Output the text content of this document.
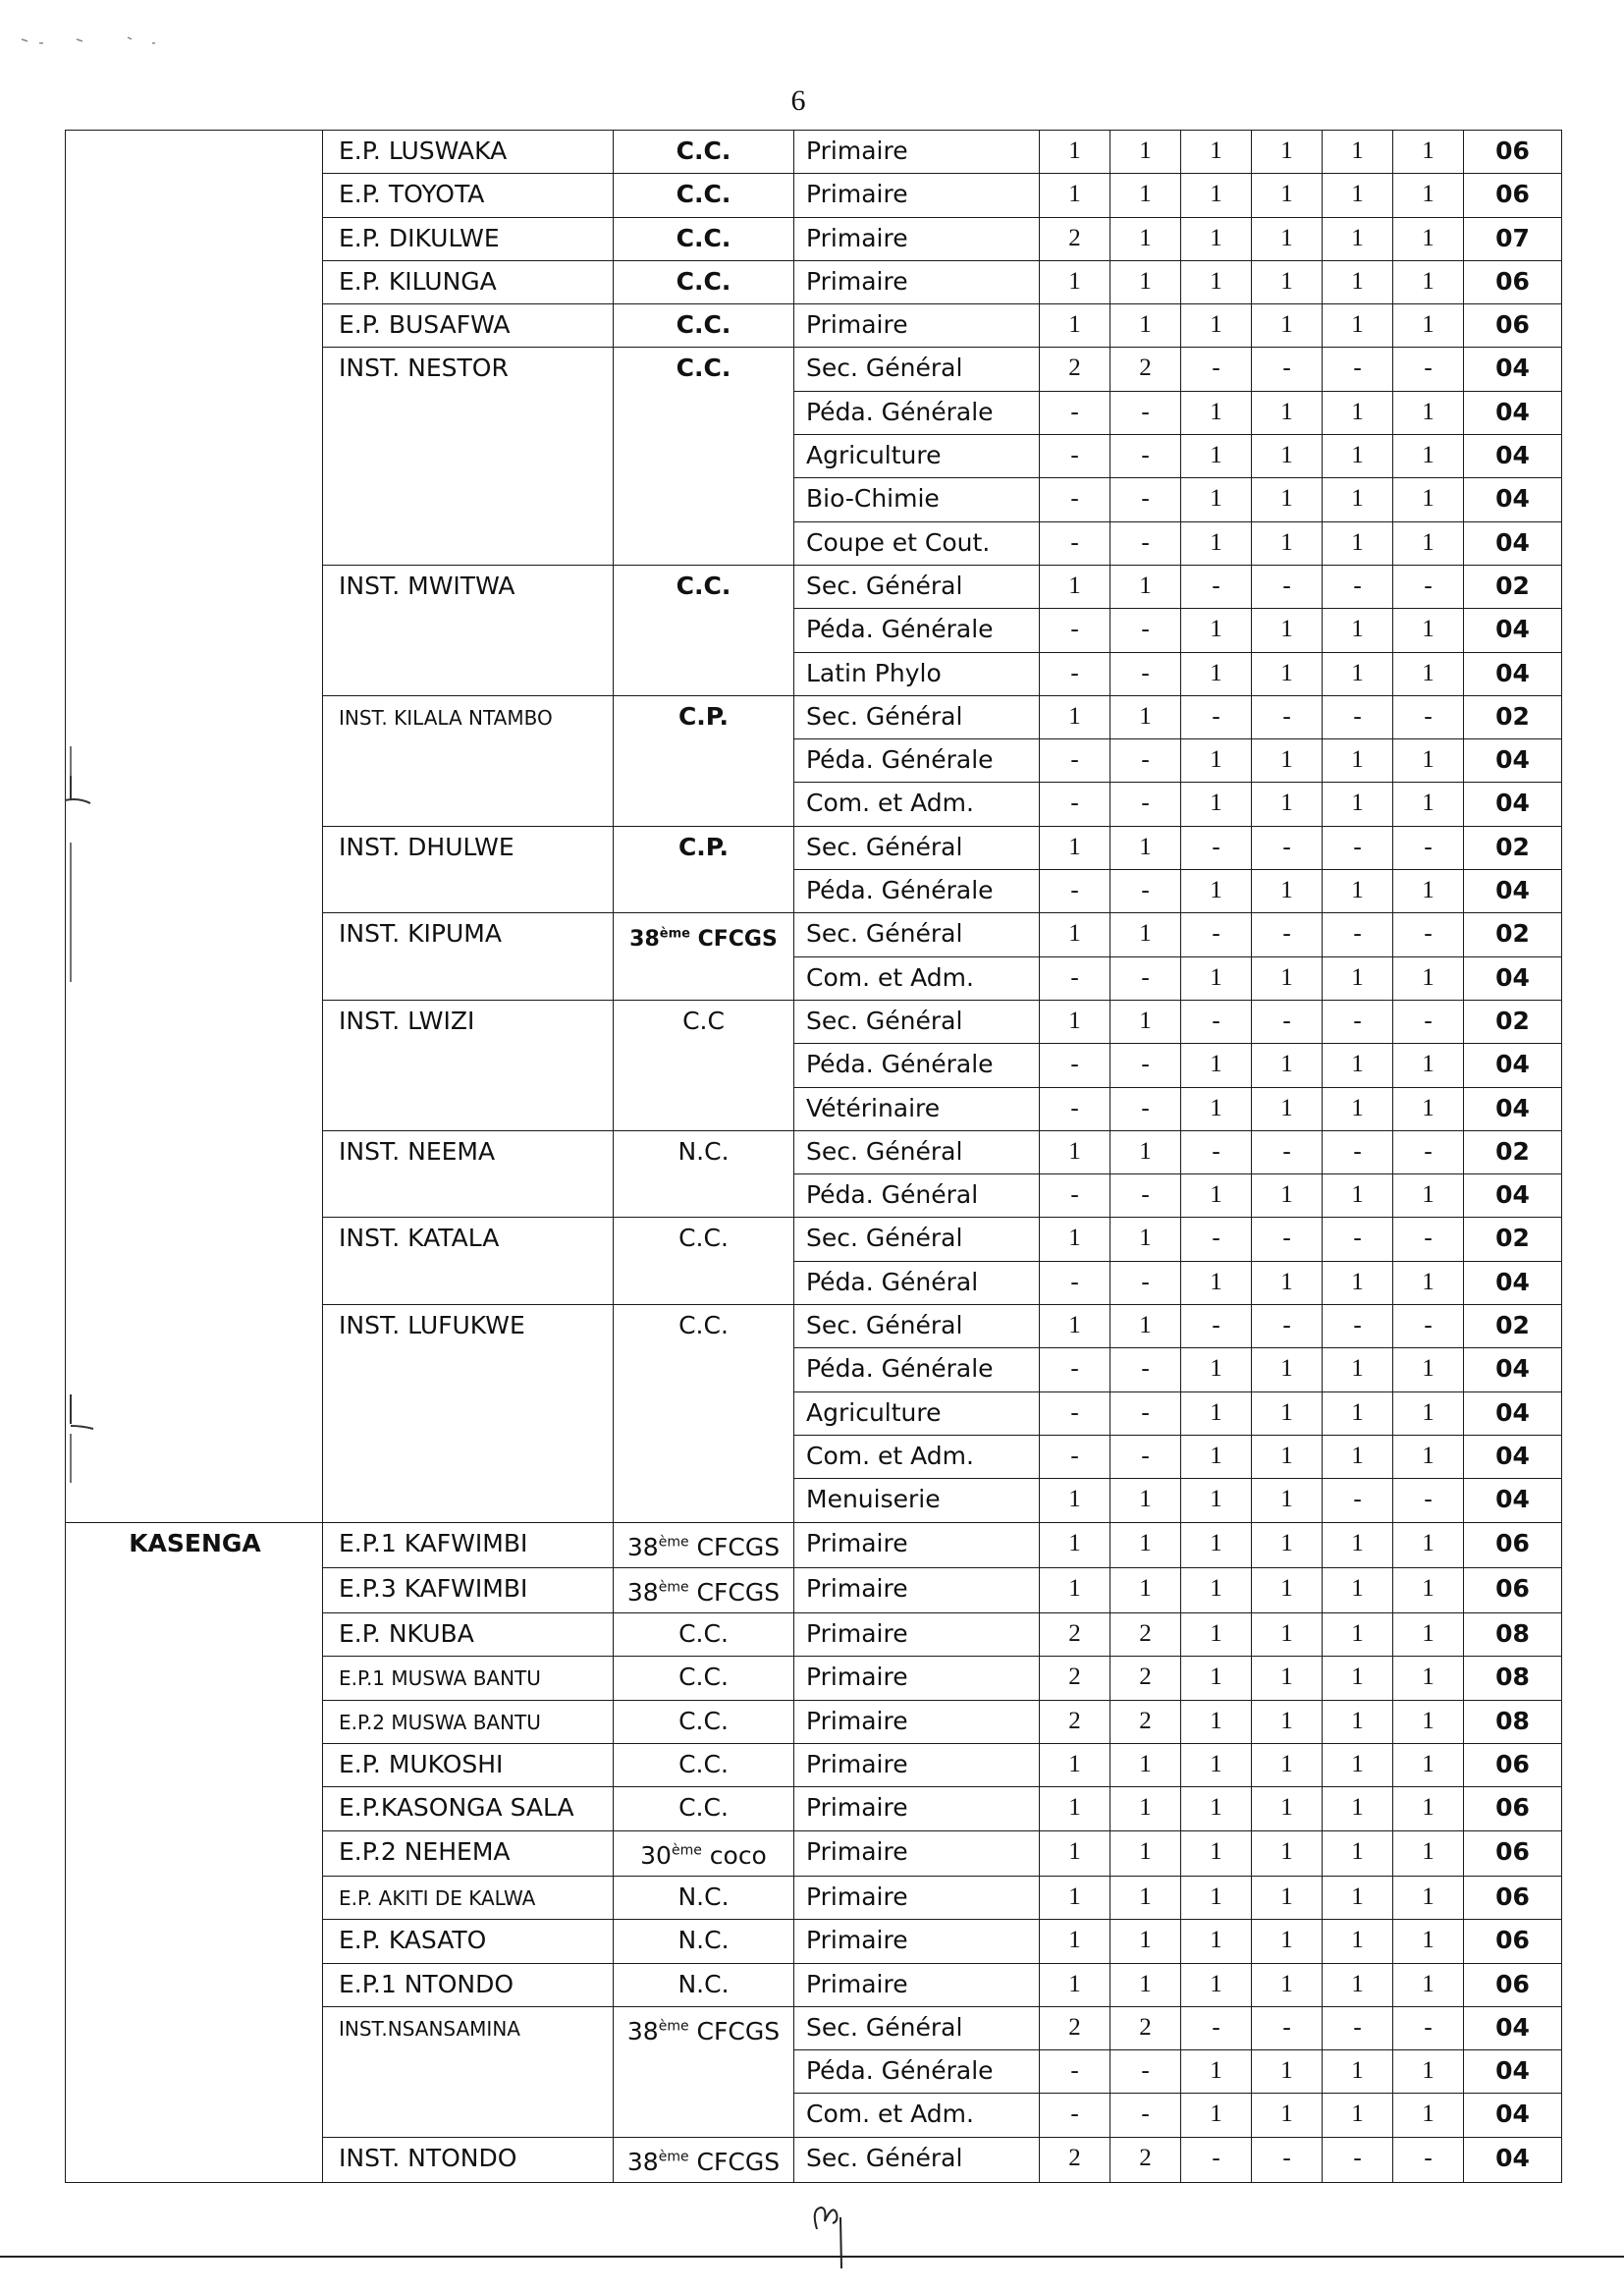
6
	E.P. LUSWAKA	C.C.	Primaire	1	1	1	1	1	1	06
	E.P. TOYOTA	C.C.	Primaire	1	1	1	1	1	1	06
	E.P. DIKULWE	C.C.	Primaire	2	1	1	1	1	1	07
	E.P. KILUNGA	C.C.	Primaire	1	1	1	1	1	1	06
	E.P. BUSAFWA	C.C.	Primaire	1	1	1	1	1	1	06
	INST. NESTOR	C.C.	Sec. Général	2	2	-	-	-	-	04
			Péda. Générale	-	-	1	1	1	1	04
			Agriculture	-	-	1	1	1	1	04
			Bio-Chimie	-	-	1	1	1	1	04
			Coupe et Cout.	-	-	1	1	1	1	04
	INST. MWITWA	C.C.	Sec. Général	1	1	-	-	-	-	02
			Péda. Générale	-	-	1	1	1	1	04
			Latin Phylo	-	-	1	1	1	1	04
	INST. KILALA NTAMBO	C.P.	Sec. Général	1	1	-	-	-	-	02
			Péda. Générale	-	-	1	1	1	1	04
			Com. et Adm.	-	-	1	1	1	1	04
	INST. DHULWE	C.P.	Sec. Général	1	1	-	-	-	-	02
			Péda. Générale	-	-	1	1	1	1	04
	INST. KIPUMA	38ème CFCGS	Sec. Général	1	1	-	-	-	-	02
			Com. et Adm.	-	-	1	1	1	1	04
	INST. LWIZI	C.C	Sec. Général	1	1	-	-	-	-	02
			Péda. Générale	-	-	1	1	1	1	04
			Vétérinaire	-	-	1	1	1	1	04
	INST. NEEMA	N.C.	Sec. Général	1	1	-	-	-	-	02
			Péda. Général	-	-	1	1	1	1	04
	INST. KATALA	C.C.	Sec. Général	1	1	-	-	-	-	02
			Péda. Général	-	-	1	1	1	1	04
	INST. LUFUKWE	C.C.	Sec. Général	1	1	-	-	-	-	02
			Péda. Générale	-	-	1	1	1	1	04
			Agriculture	-	-	1	1	1	1	04
			Com. et Adm.	-	-	1	1	1	1	04
			Menuiserie	1	1	1	1	-	-	04

KASENGA	E.P.1 KAFWIMBI	38ème CFCGS	Primaire	1	1	1	1	1	1	06
	E.P.3 KAFWIMBI	38ème CFCGS	Primaire	1	1	1	1	1	1	06
	E.P. NKUBA	C.C.	Primaire	2	2	1	1	1	1	08
	E.P.1 MUSWA BANTU	C.C.	Primaire	2	2	1	1	1	1	08
	E.P.2 MUSWA BANTU	C.C.	Primaire	2	2	1	1	1	1	08
	E.P. MUKOSHI	C.C.	Primaire	1	1	1	1	1	1	06
	E.P.KASONGA SALA	C.C.	Primaire	1	1	1	1	1	1	06
	E.P.2 NEHEMA	30ème coco	Primaire	1	1	1	1	1	1	06
	E.P. AKITI DE KALWA	N.C.	Primaire	1	1	1	1	1	1	06
	E.P. KASATO	N.C.	Primaire	1	1	1	1	1	1	06
	E.P.1 NTONDO	N.C.	Primaire	1	1	1	1	1	1	06
	INST.NSANSAMINA	38ème CFCGS	Sec. Général	2	2	-	-	-	-	04
			Péda. Générale	-	-	1	1	1	1	04
			Com. et Adm.	-	-	1	1	1	1	04
	INST. NTONDO	38ème CFCGS	Sec. Général	2	2	-	-	-	-	04
